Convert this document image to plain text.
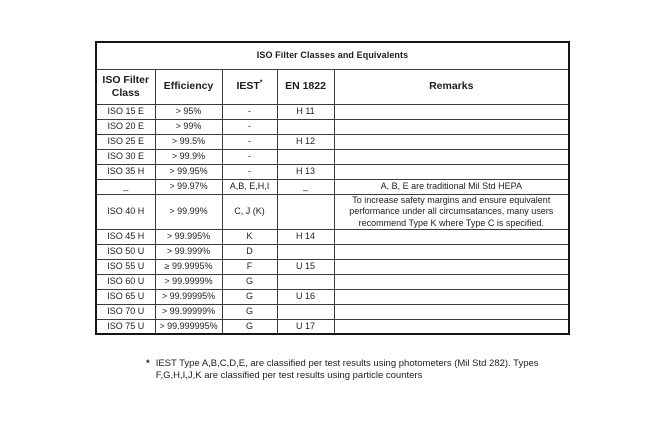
ISO Filter Classes and Equivalents				
ISO Filter Class	Efficiency	IEST*	EN 1822	Remarks
ISO 15 E	> 95%	-	H 11	
ISO 20 E	> 99%	-		
ISO 25 E	> 99.5%	-	H 12	
ISO 30 E	> 99.9%	-		
ISO 35 H	> 99.95%	-	H 13	
_	> 99.97%	A,B, E,H,I	_	A, B, E are traditional Mil Std HEPA
ISO 40 H	> 99.99%	C, J (K)		To increase safety margins and ensure equivalent performance under all circumsatances, many users recommend Type K where Type C is specified.
ISO 45 H	> 99.995%	K	H 14	
ISO 50 U	> 99.999%	D		
ISO 55 U	≥ 99.9995%	F	U 15	
ISO 60 U	> 99.9999%	G		
ISO 65 U	> 99.99995%	G	U 16	
ISO 70 U	> 99.99999%	G		
ISO 75 U	> 99.999995%	G	U 17	
* IEST Type A,B,C,D,E, are classified per test results using photometers (Mil Std 282). Types
F,G,H,I,J,K are classified per test results using particle counters
